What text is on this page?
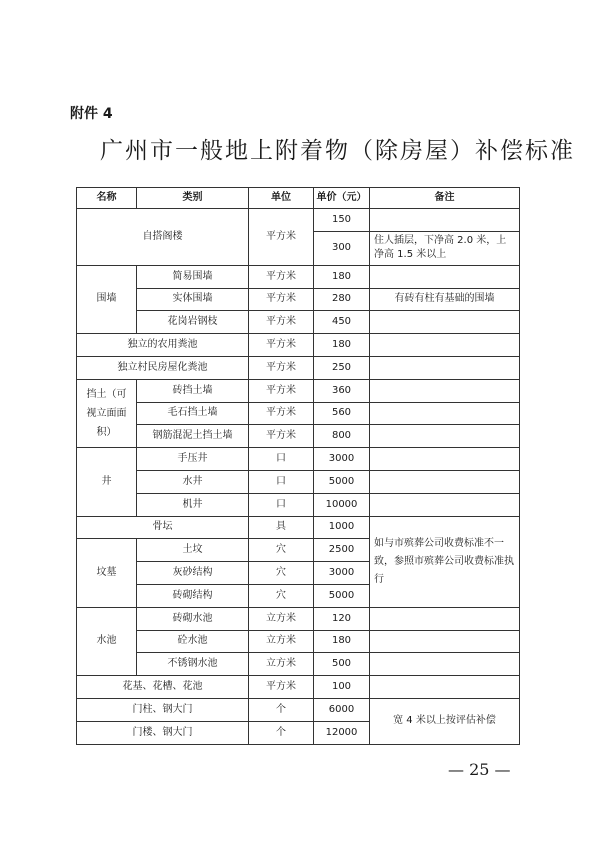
附件 4
广州市一般地上附着物（除房屋）补偿标准
名称	类别	单位	单价（元）	备注
自搭阁楼		平方米	150	
			300	住人插层，下净高 2.0 米，上净高 1.5 米以上
围墙	简易围墙	平方米	180	
	实体围墙	平方米	280	有砖有柱有基础的围墙
	花岗岩钢枝	平方米	450	
独立的农用粪池		平方米	180	
独立村民房屋化粪池		平方米	250	
挡土（可视立面面积）	砖挡土墙	平方米	360	
	毛石挡土墙	平方米	560	
	钢筋混泥土挡土墙	平方米	800	
井	手压井	口	3000	
	水井	口	5000	
	机井	口	10000	
骨坛		具	1000	如与市殡葬公司收费标准不一致，参照市殡葬公司收费标准执行
坟墓	土坟	穴	2500	
	灰砂结构	穴	3000	
	砖砌结构	穴	5000	
水池	砖砌水池	立方米	120	
	砼水池	立方米	180	
	不锈钢水池	立方米	500	
花基、花槽、花池		平方米	100	
门柱、钢大门		个	6000	宽 4 米以上按评估补偿
门楼、钢大门		个	12000	
— 25 —
